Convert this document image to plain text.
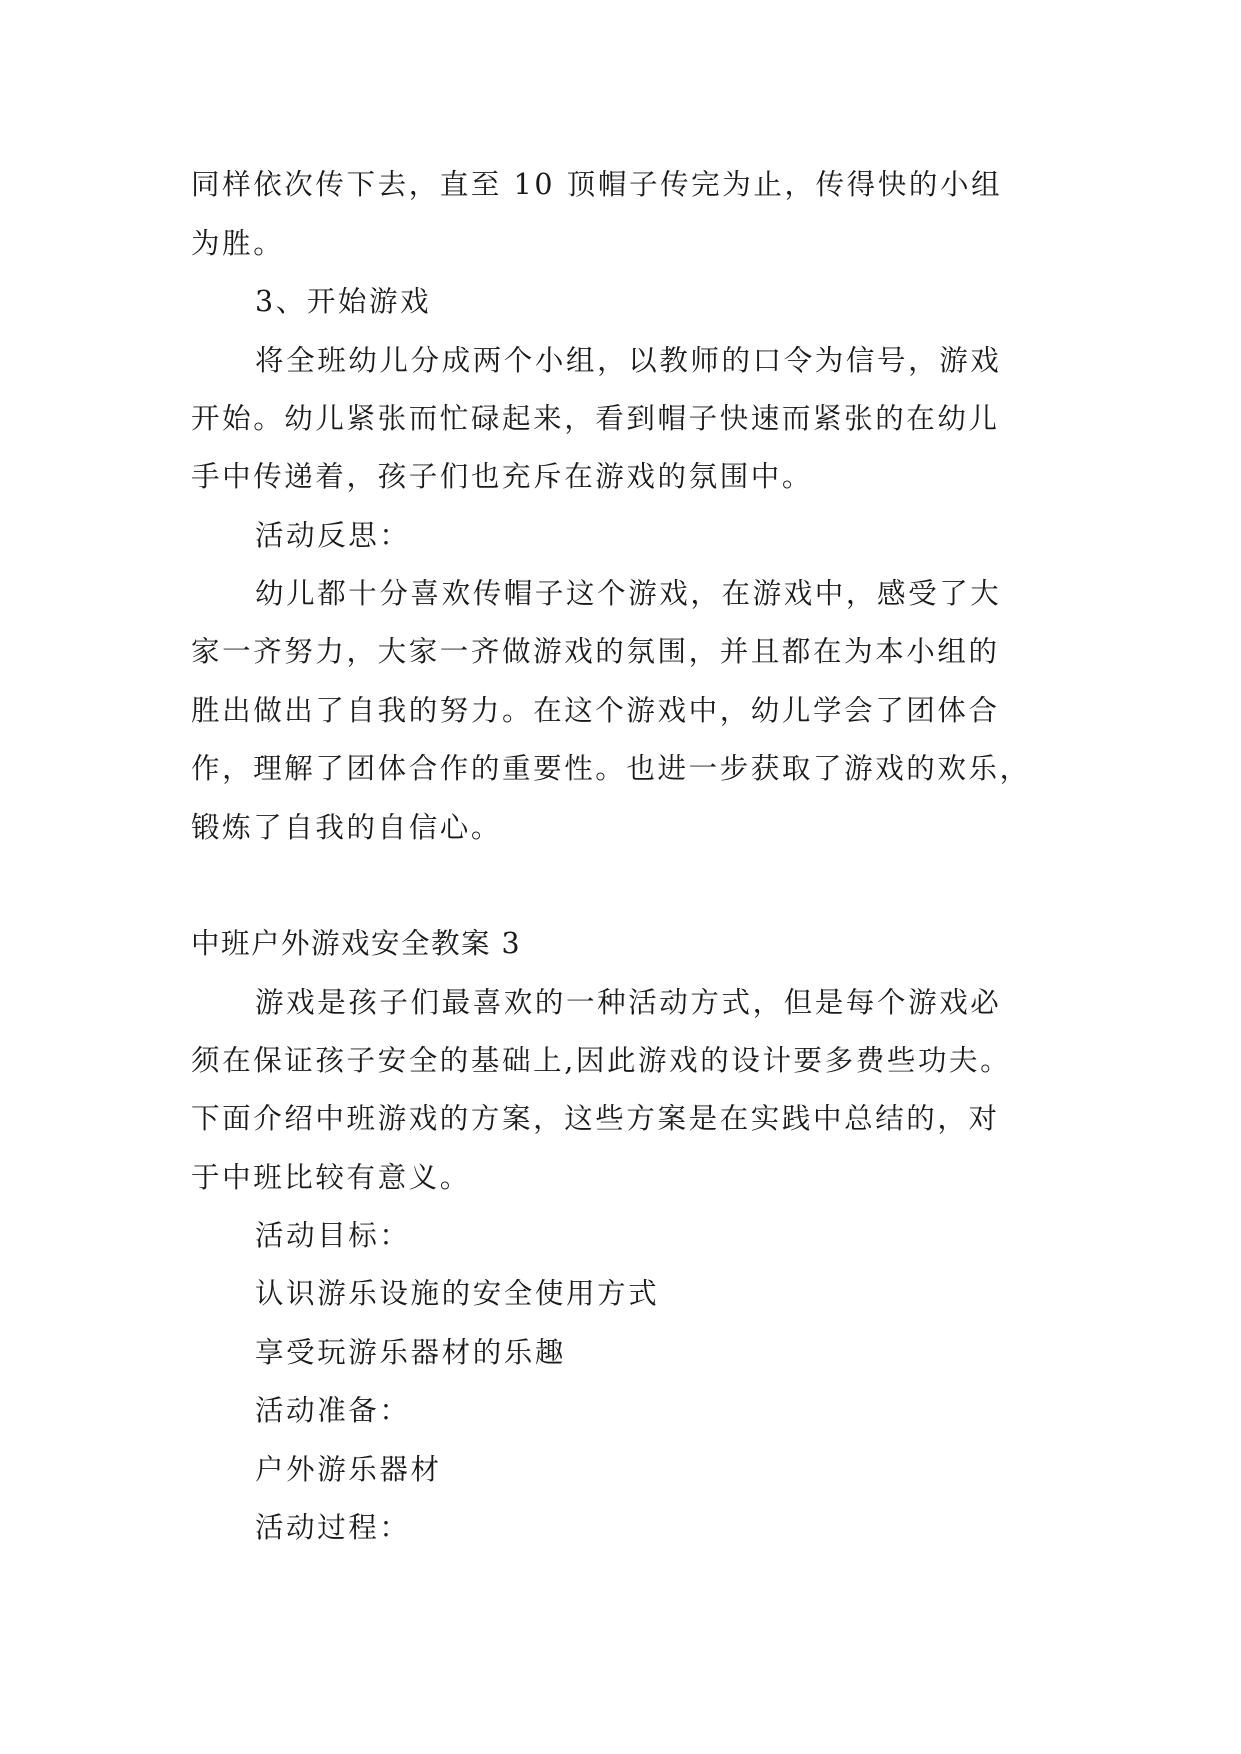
同样依次传下去，直至 10 顶帽子传完为止，传得快的小组
为胜。
3、开始游戏
将全班幼儿分成两个小组，以教师的口令为信号，游戏
开始。幼儿紧张而忙碌起来，看到帽子快速而紧张的在幼儿
手中传递着，孩子们也充斥在游戏的氛围中。
活动反思：
幼儿都十分喜欢传帽子这个游戏，在游戏中，感受了大
家一齐努力，大家一齐做游戏的氛围，并且都在为本小组的
胜出做出了自我的努力。在这个游戏中，幼儿学会了团体合
作，理解了团体合作的重要性。也进一步获取了游戏的欢乐，
锻炼了自我的自信心。
中班户外游戏安全教案 3
游戏是孩子们最喜欢的一种活动方式，但是每个游戏必
须在保证孩子安全的基础上,因此游戏的设计要多费些功夫。
下面介绍中班游戏的方案，这些方案是在实践中总结的，对
于中班比较有意义。
活动目标：
认识游乐设施的安全使用方式
享受玩游乐器材的乐趣
活动准备：
户外游乐器材
活动过程：
